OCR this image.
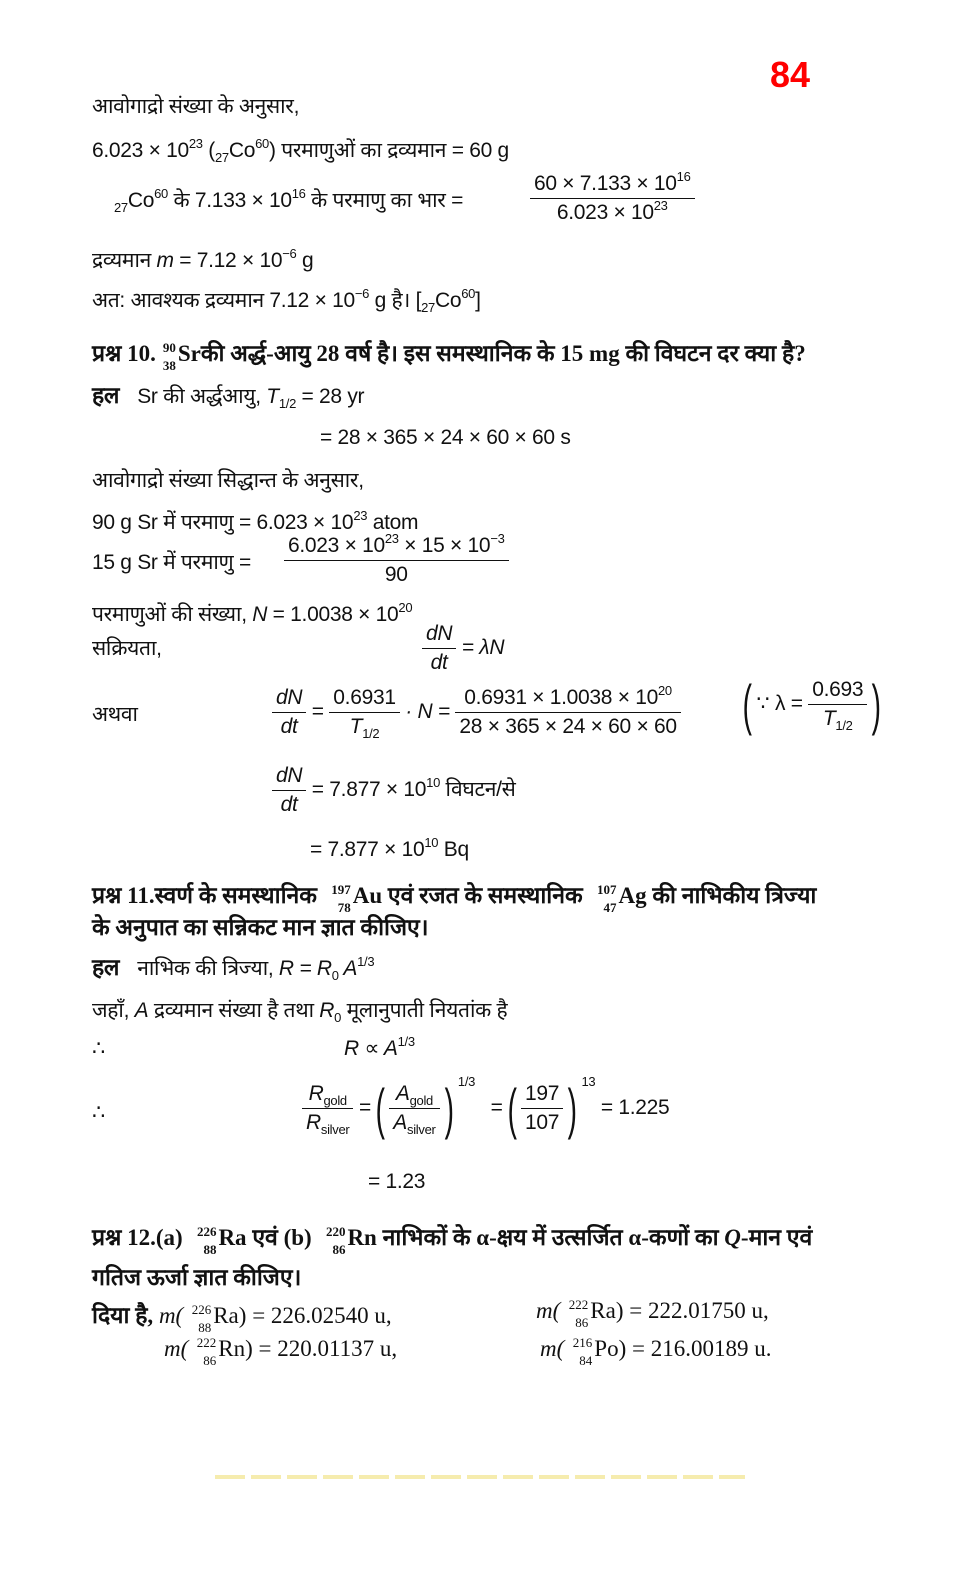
84
आवोगाद्रो संख्या के अनुसार,
$6.023 \times 10^{23}$ $(_{27}Co^{60})$ परमाणुओं का द्रव्यमान = 60 g
$_{27}Co^{60}$ के $7.133 \times 10^{16}$ के परमाणु का भार =	$\frac{60 \times 7.133 \times 10^{16}}{6.023 \times 10^{23}}$
द्रव्यमान $m = 7.12 \times 10^{-6}$ g
अत: आवश्यक द्रव्यमान $7.12 \times 10^{-6}$ g है। $[_{27}Co^{60}]$
प्रश्न 10. 90
38 Srकी अर्द्ध-आयु 28 वर्ष है। इस समस्थानिक के 15 mg की विघटन दर क्या है?
हल Sr की अर्द्धआयु, $T_{1/2} = 28$ yr
= 28 × 365 × 24 × 60 × 60 s
आवोगाद्रो संख्या सिद्धान्त के अनुसार,
90 g Sr में परमाणु = $6.023 \times 10^{23}$ atom
15 g Sr में परमाणु = $\frac{6.023 \times 10^{23} \times 15 \times 10^{-3}}{90}$
परमाणुओं की संख्या, $N = 1.0038 \times 10^{20}$
सक्रियता,	$\frac{dN}{dt} = \lambda N$
अथवा	$\frac{dN}{dt} = \frac{0.6931}{T_{1/2}} \cdot N = \frac{0.6931 \times 1.0038 \times 10^{20}}{28 \times 365 \times 24 \times 60 \times 60}$ ( ∵ $\lambda = \frac{0.693}{T_{1/2}}$ )
$\frac{dN}{dt} = 7.877 \times 10^{10}$ विघटन/से
= $7.877 \times 10^{10}$ Bq
प्रश्न 11.स्वर्ण के समस्थानिक 197
78 Au एवं रजत के समस्थानिक 107
47 Ag की नाभिकीय त्रिज्या
के अनुपात का सन्निकट मान ज्ञात कीजिए।
हल नाभिक की त्रिज्या, $R = R_0$ $A^{1/3}$
जहाँ, A द्रव्यमान संख्या है तथा $R_0$ मूलानुपाती नियतांक है
∴	$R \propto A^{1/3}$
∴	$\frac{R_{gold}}{R_{silver}}$ =( $\frac{A_{gold}}{A_{silver}}$ ) $^{1/3}$ =( $\frac{197}{107}$ ) $^{13}$ = 1.225
= 1.23
प्रश्न 12.(a) 226
88 Ra एवं (b) 220
86 Rn नाभिकों के α-क्षय में उत्सर्जित α-कणों का Q-मान एवं
गतिज ऊर्जा ज्ञात कीजिए।
दिया है, m( 226
88 Ra) = 226.02540 u,	m( 222
86 Ra) = 222.01750 u,
m( 222
86 Rn) = 220.01137 u,	m( 216
84 Po) = 216.00189 u.
